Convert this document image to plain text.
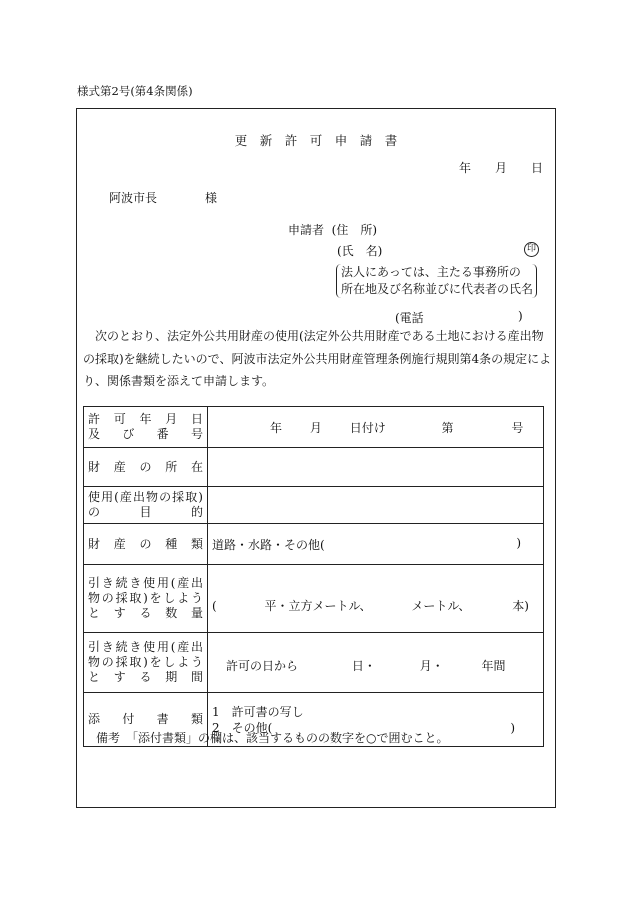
様式第2号(第4条関係)
更　新　許　可　申　請　書
年　　月　　日
阿波市長　　　　様
申請者 (住　所)
(氏　名)	印
法人にあっては、主たる事務所の
所在地及び名称並びに代表者の氏名
(電話	)
次のとおり、法定外公共用財産の使用(法定外公共用財産である土地における産出物の採取)を継続したいので、阿波市法定外公共用財産管理条例施行規則第4条の規定により、関係書類を添えて申請します。
許可年月日
及び番号	年 月 日付け 第 号
財産の所在	

使用(産出物の採取)
の目的	

財産の種類	道路・水路・その他( )

引き続き使用(産出
物の採取)をしよう
とする数量	( 平・立方メートル、 メートル、 本)

引き続き使用(産出
物の採取)をしよう
とする期間	許可の日から 日・ 月・ 年間
添付書類	1　許可書の写し
2　その他( )
備考　「添付書類」の欄は、該当するものの数字を○で囲むこと。
